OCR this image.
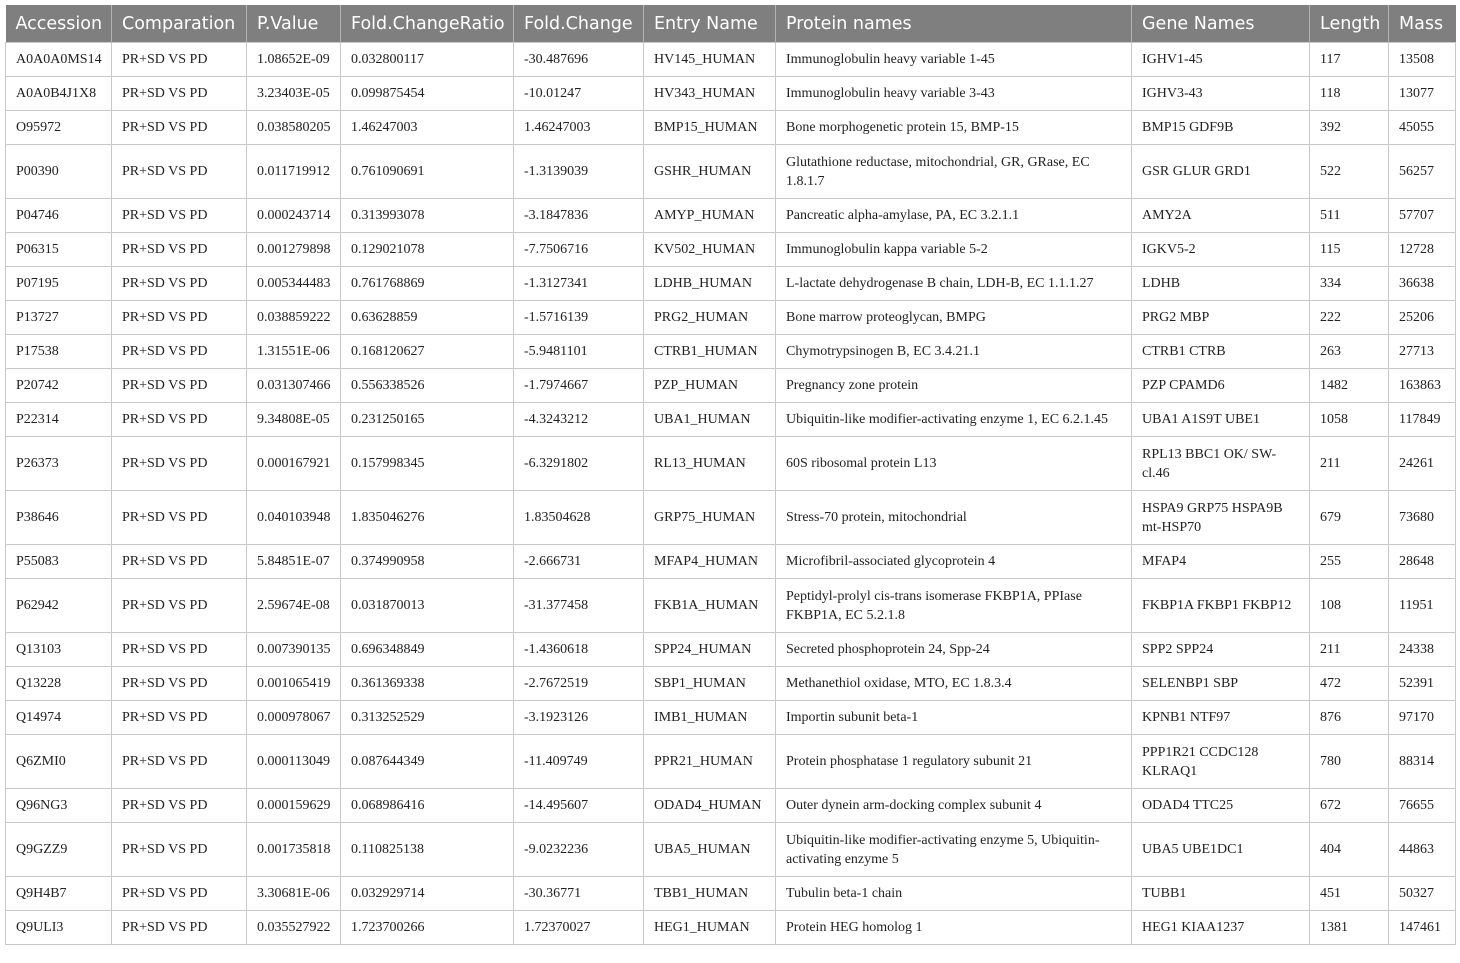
Accession	Comparation	P.Value	Fold.ChangeRatio	Fold.Change	Entry Name	Protein names	Gene Names	Length	Mass
A0A0A0MS14	PR+SD VS PD	1.08652E-09	0.032800117	-30.487696	HV145_HUMAN	Immunoglobulin heavy variable 1-45	IGHV1-45	117	13508
A0A0B4J1X8	PR+SD VS PD	3.23403E-05	0.099875454	-10.01247	HV343_HUMAN	Immunoglobulin heavy variable 3-43	IGHV3-43	118	13077
O95972	PR+SD VS PD	0.038580205	1.46247003	1.46247003	BMP15_HUMAN	Bone morphogenetic protein 15, BMP-15	BMP15 GDF9B	392	45055
P00390	PR+SD VS PD	0.011719912	0.761090691	-1.3139039	GSHR_HUMAN	Glutathione reductase, mitochondrial, GR, GRase, EC 1.8.1.7	GSR GLUR GRD1	522	56257
P04746	PR+SD VS PD	0.000243714	0.313993078	-3.1847836	AMYP_HUMAN	Pancreatic alpha-amylase, PA, EC 3.2.1.1	AMY2A	511	57707
P06315	PR+SD VS PD	0.001279898	0.129021078	-7.7506716	KV502_HUMAN	Immunoglobulin kappa variable 5-2	IGKV5-2	115	12728
P07195	PR+SD VS PD	0.005344483	0.761768869	-1.3127341	LDHB_HUMAN	L-lactate dehydrogenase B chain, LDH-B, EC 1.1.1.27	LDHB	334	36638
P13727	PR+SD VS PD	0.038859222	0.63628859	-1.5716139	PRG2_HUMAN	Bone marrow proteoglycan, BMPG	PRG2 MBP	222	25206
P17538	PR+SD VS PD	1.31551E-06	0.168120627	-5.9481101	CTRB1_HUMAN	Chymotrypsinogen B, EC 3.4.21.1	CTRB1 CTRB	263	27713
P20742	PR+SD VS PD	0.031307466	0.556338526	-1.7974667	PZP_HUMAN	Pregnancy zone protein	PZP CPAMD6	1482	163863
P22314	PR+SD VS PD	9.34808E-05	0.231250165	-4.3243212	UBA1_HUMAN	Ubiquitin-like modifier-activating enzyme 1, EC 6.2.1.45	UBA1 A1S9T UBE1	1058	117849
P26373	PR+SD VS PD	0.000167921	0.157998345	-6.3291802	RL13_HUMAN	60S ribosomal protein L13	RPL13 BBC1 OK/ SW-cl.46	211	24261
P38646	PR+SD VS PD	0.040103948	1.835046276	1.83504628	GRP75_HUMAN	Stress-70 protein, mitochondrial	HSPA9 GRP75 HSPA9B mt-HSP70	679	73680
P55083	PR+SD VS PD	5.84851E-07	0.374990958	-2.666731	MFAP4_HUMAN	Microfibril-associated glycoprotein 4	MFAP4	255	28648
P62942	PR+SD VS PD	2.59674E-08	0.031870013	-31.377458	FKB1A_HUMAN	Peptidyl-prolyl cis-trans isomerase FKBP1A, PPIase FKBP1A, EC 5.2.1.8	FKBP1A FKBP1 FKBP12	108	11951
Q13103	PR+SD VS PD	0.007390135	0.696348849	-1.4360618	SPP24_HUMAN	Secreted phosphoprotein 24, Spp-24	SPP2 SPP24	211	24338
Q13228	PR+SD VS PD	0.001065419	0.361369338	-2.7672519	SBP1_HUMAN	Methanethiol oxidase, MTO, EC 1.8.3.4	SELENBP1 SBP	472	52391
Q14974	PR+SD VS PD	0.000978067	0.313252529	-3.1923126	IMB1_HUMAN	Importin subunit beta-1	KPNB1 NTF97	876	97170
Q6ZMI0	PR+SD VS PD	0.000113049	0.087644349	-11.409749	PPR21_HUMAN	Protein phosphatase 1 regulatory subunit 21	PPP1R21 CCDC128 KLRAQ1	780	88314
Q96NG3	PR+SD VS PD	0.000159629	0.068986416	-14.495607	ODAD4_HUMAN	Outer dynein arm-docking complex subunit 4	ODAD4 TTC25	672	76655
Q9GZZ9	PR+SD VS PD	0.001735818	0.110825138	-9.0232236	UBA5_HUMAN	Ubiquitin-like modifier-activating enzyme 5, Ubiquitin-activating enzyme 5	UBA5 UBE1DC1	404	44863
Q9H4B7	PR+SD VS PD	3.30681E-06	0.032929714	-30.36771	TBB1_HUMAN	Tubulin beta-1 chain	TUBB1	451	50327
Q9ULI3	PR+SD VS PD	0.035527922	1.723700266	1.72370027	HEG1_HUMAN	Protein HEG homolog 1	HEG1 KIAA1237	1381	147461
